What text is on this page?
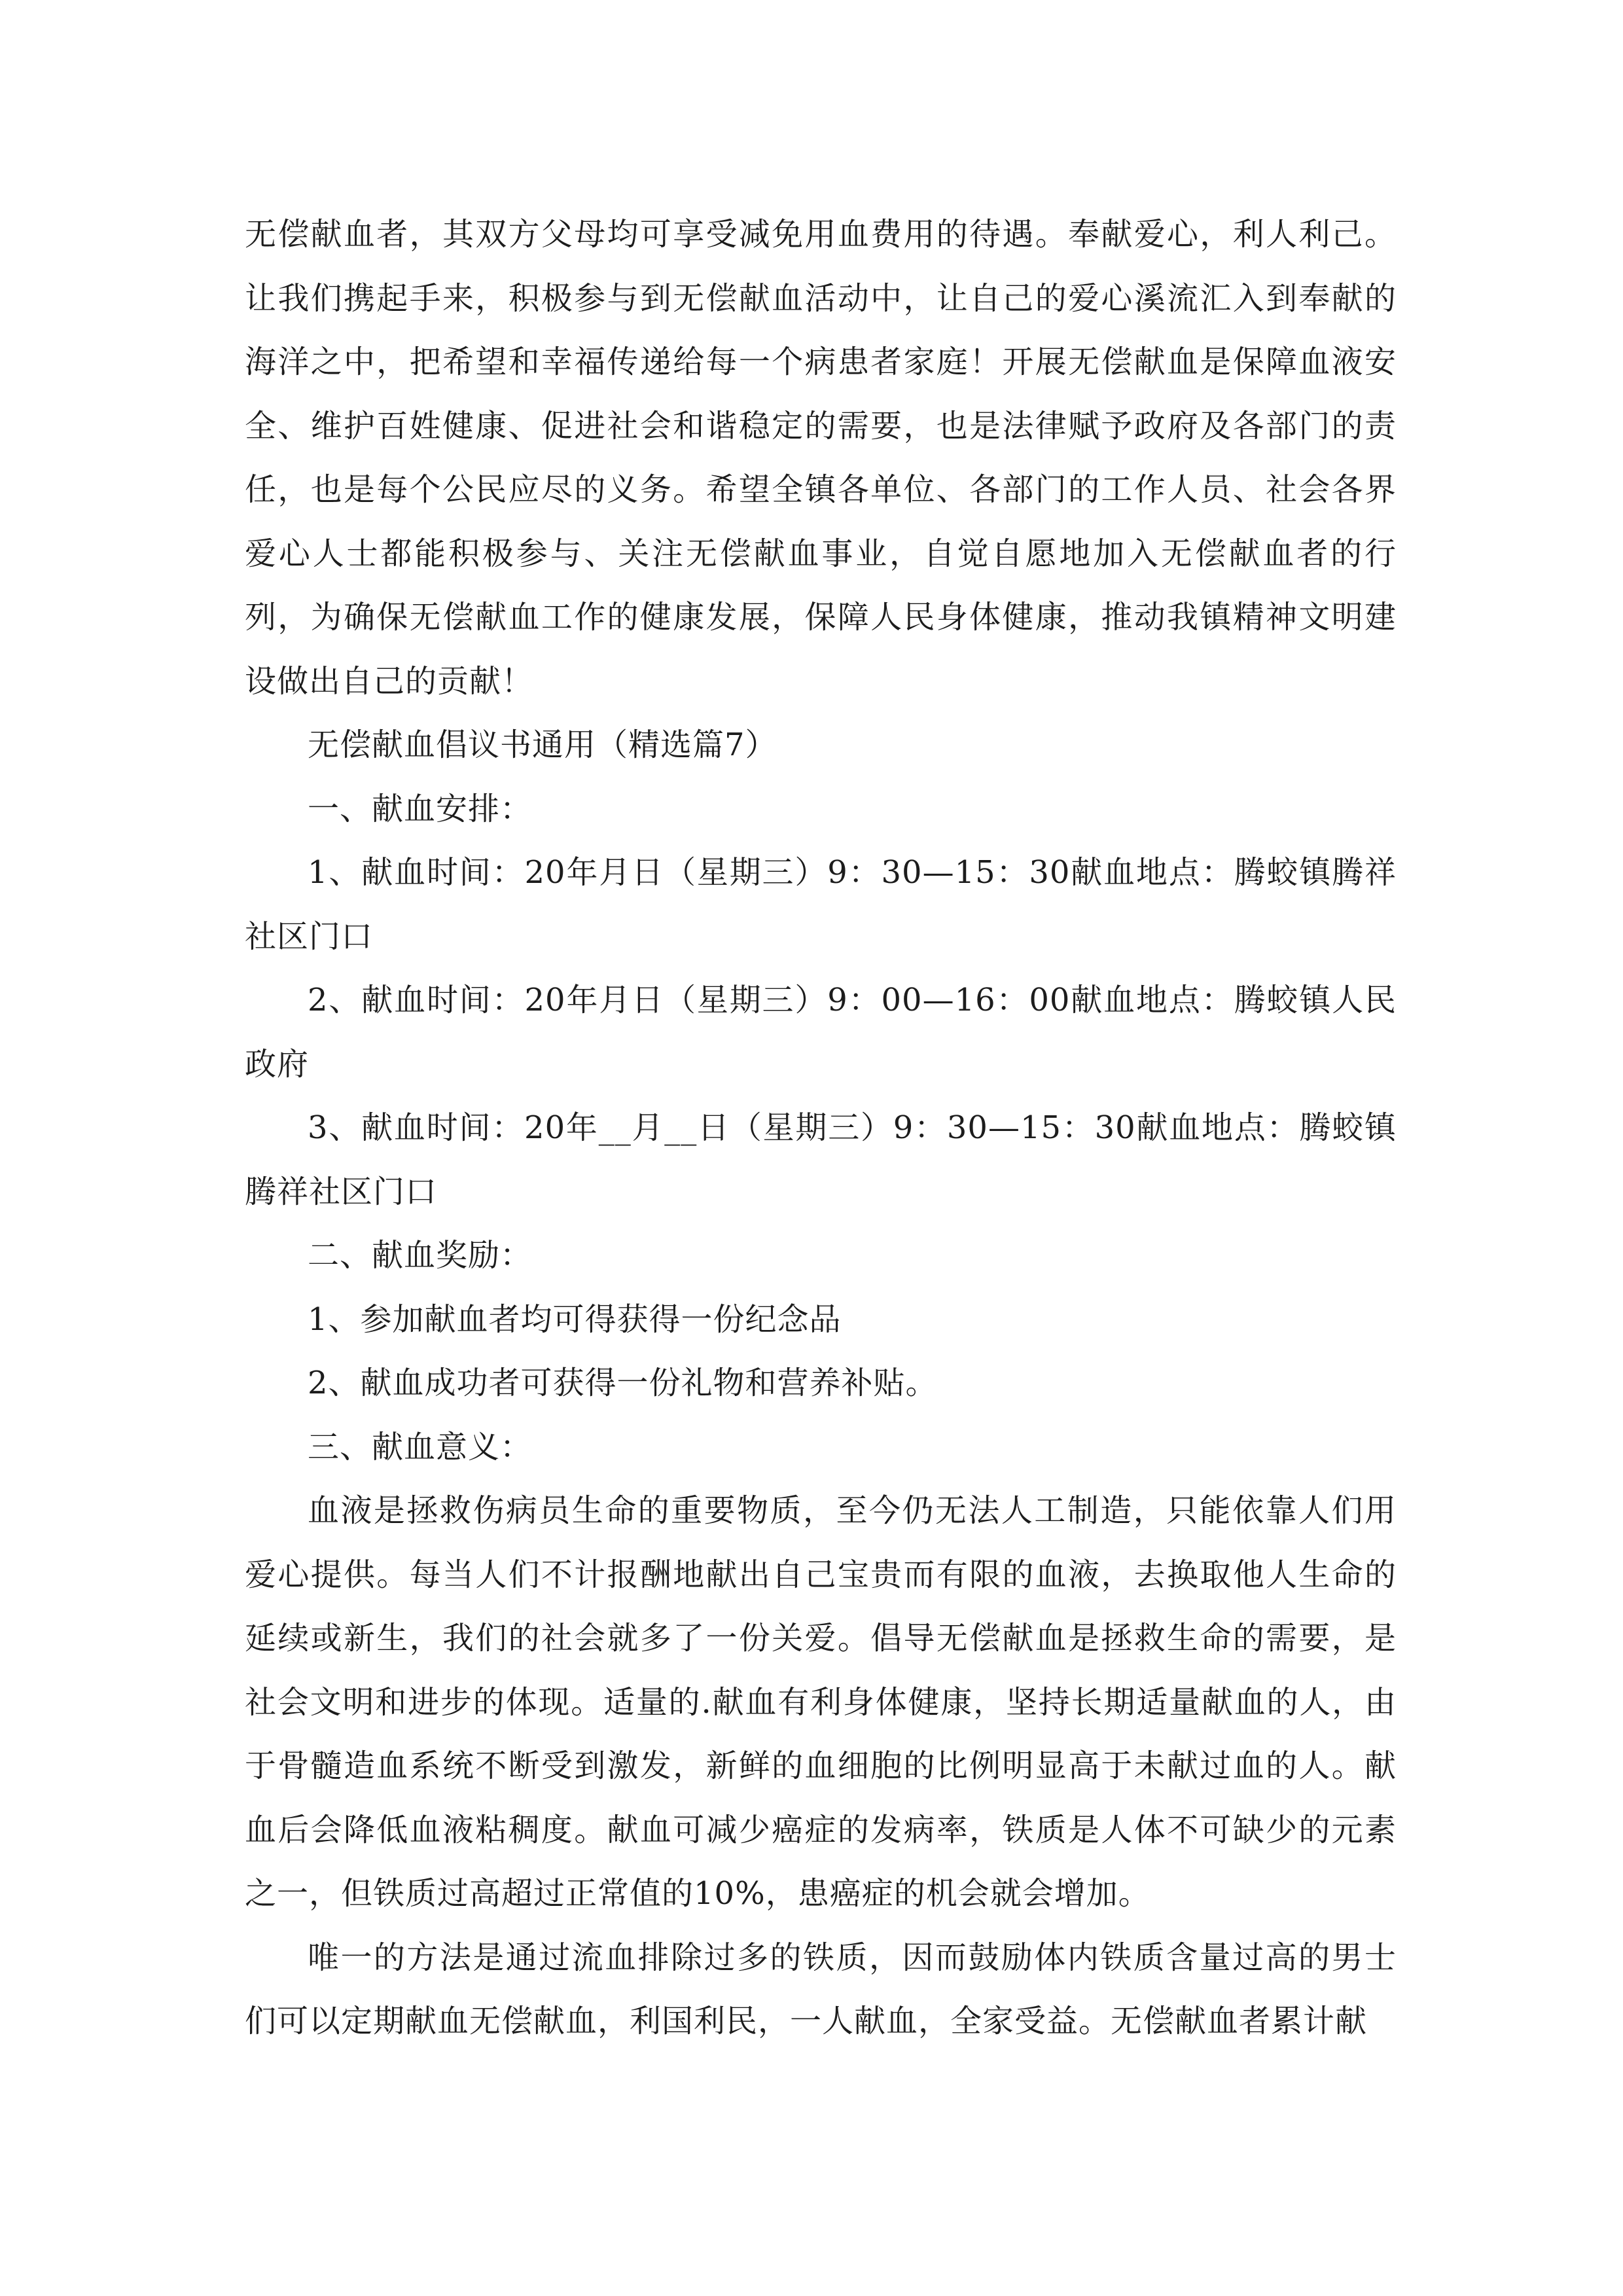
无偿献血者，其双方父母均可享受减免用血费用的待遇。奉献爱心，利人利己。让我们携起手来，积极参与到无偿献血活动中，让自己的爱心溪流汇入到奉献的海洋之中，把希望和幸福传递给每一个病患者家庭！开展无偿献血是保障血液安全、维护百姓健康、促进社会和谐稳定的需要，也是法律赋予政府及各部门的责任，也是每个公民应尽的义务。希望全镇各单位、各部门的工作人员、社会各界爱心人士都能积极参与、关注无偿献血事业，自觉自愿地加入无偿献血者的行列，为确保无偿献血工作的健康发展，保障人民身体健康，推动我镇精神文明建设做出自己的贡献！

无偿献血倡议书通用（精选篇7）

一、献血安排：

1、献血时间：20年月日（星期三）9：30—15：30献血地点：腾蛟镇腾祥社区门口

2、献血时间：20年月日（星期三）9：00—16：00献血地点：腾蛟镇人民政府

3、献血时间：20年__月__日（星期三）9：30—15：30献血地点：腾蛟镇腾祥社区门口

二、献血奖励：

1、参加献血者均可得获得一份纪念品

2、献血成功者可获得一份礼物和营养补贴。

三、献血意义：

血液是拯救伤病员生命的重要物质，至今仍无法人工制造，只能依靠人们用爱心提供。每当人们不计报酬地献出自己宝贵而有限的血液，去换取他人生命的延续或新生，我们的社会就多了一份关爱。倡导无偿献血是拯救生命的需要，是社会文明和进步的体现。适量的.献血有利身体健康，坚持长期适量献血的人，由于骨髓造血系统不断受到激发，新鲜的血细胞的比例明显高于未献过血的人。献血后会降低血液粘稠度。献血可减少癌症的发病率，铁质是人体不可缺少的元素之一，但铁质过高超过正常值的10%，患癌症的机会就会增加。

唯一的方法是通过流血排除过多的铁质，因而鼓励体内铁质含量过高的男士们可以定期献血无偿献血，利国利民，一人献血，全家受益。无偿献血者累计献
